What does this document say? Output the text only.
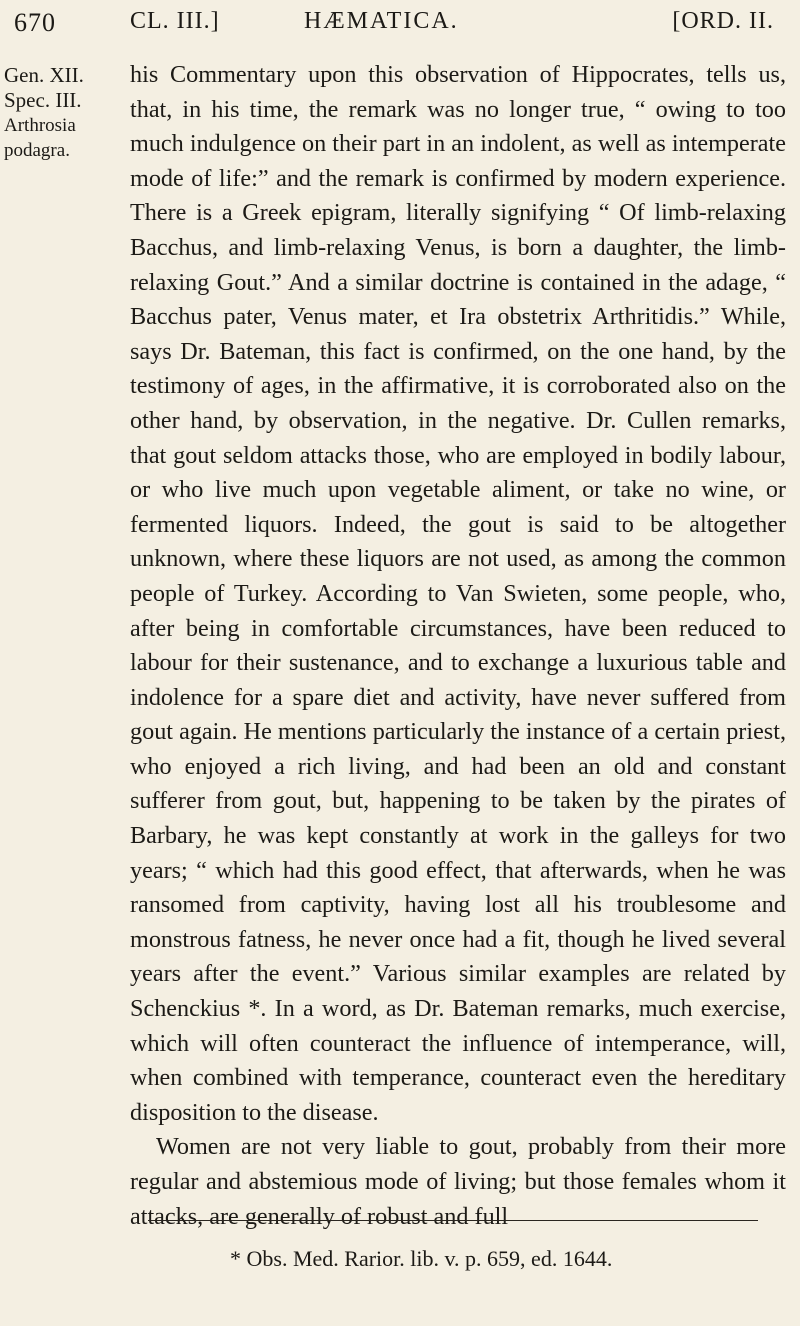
670	CL. III.]	HÆMATICA.	[ORD. II.
Gen. XII.
Spec. III.
Arthrosia
podagra.

his Commentary upon this observation of Hippocrates, tells us, that, in his time, the remark was no longer true, “ owing to too much indulgence on their part in an indolent, as well as intemperate mode of life:” and the remark is confirmed by modern experience. There is a Greek epigram, literally signifying “ Of limb-relaxing Bacchus, and limb-relaxing Venus, is born a daughter, the limb-relaxing Gout.” And a similar doctrine is contained in the adage, “ Bacchus pater, Venus mater, et Ira obstetrix Arthritidis.” While, says Dr. Bateman, this fact is confirmed, on the one hand, by the testimony of ages, in the affirmative, it is corroborated also on the other hand, by observation, in the negative. Dr. Cullen remarks, that gout seldom attacks those, who are employed in bodily labour, or who live much upon vegetable aliment, or take no wine, or fermented liquors. Indeed, the gout is said to be altogether unknown, where these liquors are not used, as among the common people of Turkey. According to Van Swieten, some people, who, after being in comfortable circumstances, have been reduced to labour for their sustenance, and to exchange a luxurious table and indolence for a spare diet and activity, have never suffered from gout again. He mentions particularly the instance of a certain priest, who enjoyed a rich living, and had been an old and constant sufferer from gout, but, happening to be taken by the pirates of Barbary, he was kept constantly at work in the galleys for two years; “ which had this good effect, that afterwards, when he was ransomed from captivity, having lost all his troublesome and monstrous fatness, he never once had a fit, though he lived several years after the event.” Various similar examples are related by Schenckius *. In a word, as Dr. Bateman remarks, much exercise, which will often counteract the influence of intemperance, will, when combined with temperance, counteract even the hereditary disposition to the disease.

Women are not very liable to gout, probably from their more regular and abstemious mode of living; but those females whom it attacks, are generally of robust and full

* Obs. Med. Rarior. lib. v. p. 659, ed. 1644.
